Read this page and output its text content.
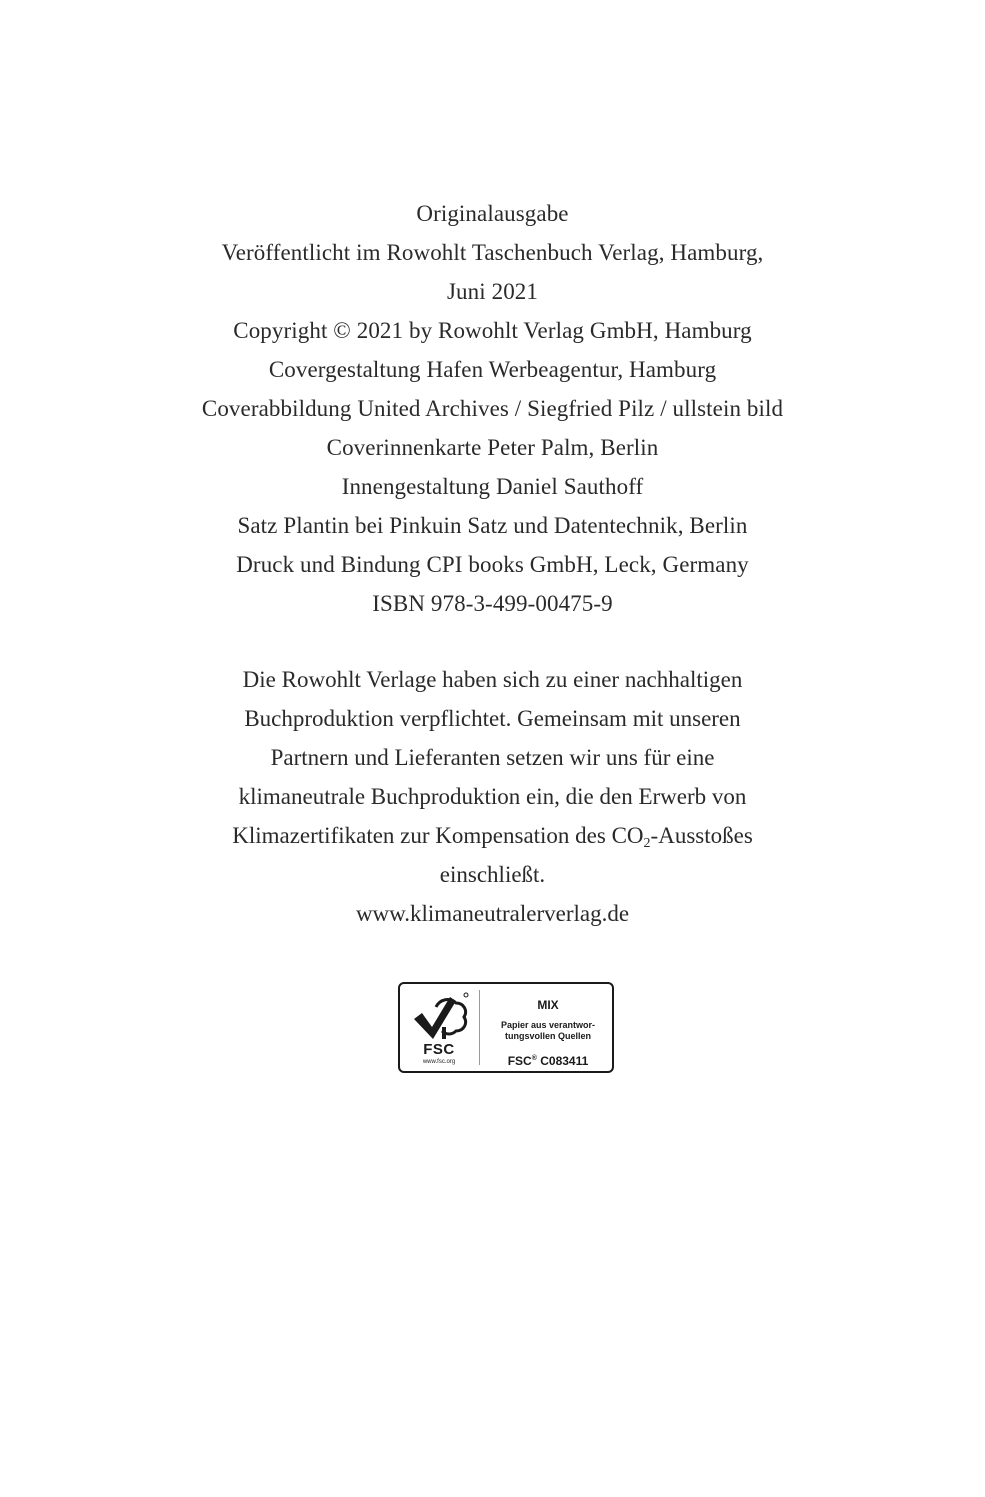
Originalausgabe
Veröffentlicht im Rowohlt Taschenbuch Verlag, Hamburg,
Juni 2021
Copyright © 2021 by Rowohlt Verlag GmbH, Hamburg
Covergestaltung Hafen Werbeagentur, Hamburg
Coverabbildung United Archives / Siegfried Pilz / ullstein bild
Coverinnenkarte Peter Palm, Berlin
Innengestaltung Daniel Sauthoff
Satz Plantin bei Pinkuin Satz und Datentechnik, Berlin
Druck und Bindung CPI books GmbH, Leck, Germany
ISBN 978-3-499-00475-9
Die Rowohlt Verlage haben sich zu einer nachhaltigen
Buchproduktion verpflichtet. Gemeinsam mit unseren
Partnern und Lieferanten setzen wir uns für eine
klimaneutrale Buchproduktion ein, die den Erwerb von
Klimazertifikaten zur Kompensation des $CO_2$-Ausstoßes
einschließt.
www.klimaneutralerverlag.de
FSC
www.fsc.org
MIX
Papier aus verantwor-
tungsvollen Quellen
FSC® C083411
